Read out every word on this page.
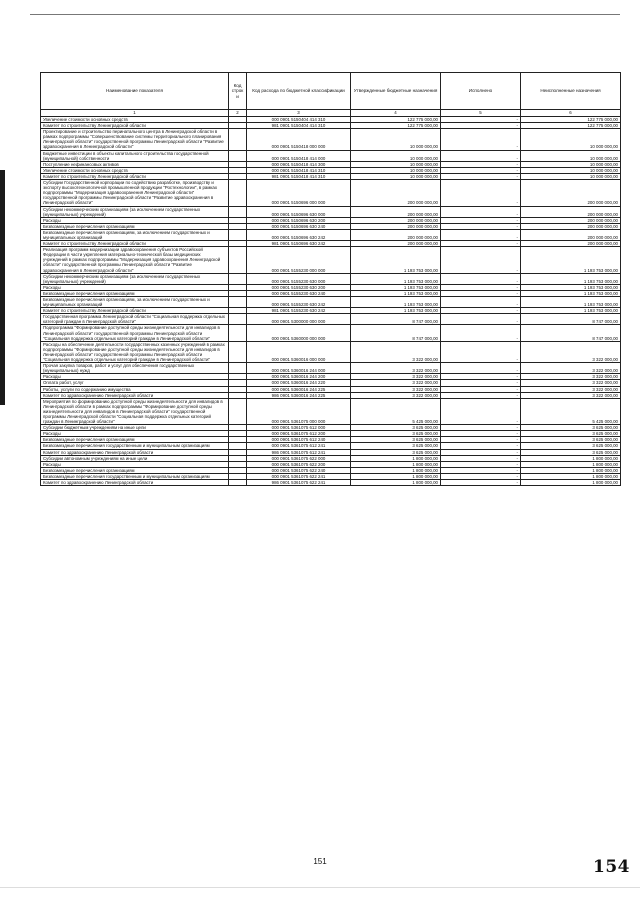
Наименование показателя	Код строки	Код расхода по бюджетной классификации	Утвержденные бюджетные назначения	Исполнено	Неисполненные назначения
1	2	3	4	5	6
Увеличение стоимости основных средств		000 0901 5150404 414 310	122 775 000,00	-	122 775 000,00
Комитет по строительству Ленинградской области		981 0901 5150404 414 310	122 775 000,00	-	122 775 000,00
Проектирование и строительство перинатального центра в Ленинградской области в рамках подпрограммы "Совершенствование системы территориального планирования Ленинградской области" государственной программы Ленинградской области "Развитие здравоохранения в Ленинградской области"		000 0901 5150418 000 000	10 000 000,00	-	10 000 000,00
Бюджетные инвестиции в объекты капитального строительства государственной (муниципальной) собственности		000 0901 5150418 414 000	10 000 000,00	-	10 000 000,00
Поступление нефинансовых активов		000 0901 5150418 414 300	10 000 000,00	-	10 000 000,00
Увеличение стоимости основных средств		000 0901 5150418 414 310	10 000 000,00	-	10 000 000,00
Комитет по строительству Ленинградской области		981 0901 5150418 414 310	10 000 000,00	-	10 000 000,00
Субсидии Государственной корпорации по содействию разработке, производству и экспорту высокотехнологичной промышленной продукции "Ростехнологии", в рамках подпрограммы "Модернизация здравоохранения Ленинградской области" государственной программы Ленинградской области "Развитие здравоохранения в Ленинградской области"		000 0901 5150696 000 000	200 000 000,00	-	200 000 000,00
Субсидии некоммерческим организациям (за исключением государственных (муниципальных) учреждений)		000 0901 5150696 630 000	200 000 000,00	-	200 000 000,00
Расходы		000 0901 5150696 630 200	200 000 000,00	-	200 000 000,00
Безвозмездные перечисления организациям		000 0901 5150696 630 240	200 000 000,00	-	200 000 000,00
Безвозмездные перечисления организациям, за исключением государственных и муниципальных организаций		000 0901 5150696 630 242	200 000 000,00	-	200 000 000,00
Комитет по строительству Ленинградской области		981 0901 5150696 630 242	200 000 000,00	-	200 000 000,00
Реализация программ модернизации здравоохранения субъектов Российской Федерации в части укрепления материально-технической базы медицинских учреждений в рамках подпрограммы "Модернизация здравоохранения Ленинградской области" государственной программы Ленинградской области "Развитие здравоохранения в Ленинградской области"		000 0901 5155230 000 000	1 193 753 000,00	-	1 193 753 000,00
Субсидии некоммерческим организациям (за исключением государственных (муниципальных) учреждений)		000 0901 5155230 630 000	1 193 753 000,00	-	1 193 753 000,00
Расходы		000 0901 5155230 630 200	1 193 753 000,00	-	1 193 753 000,00
Безвозмездные перечисления организациям		000 0901 5155230 630 240	1 193 753 000,00	-	1 193 753 000,00
Безвозмездные перечисления организациям, за исключением государственных и муниципальных организаций		000 0901 5155230 630 242	1 193 753 000,00	-	1 193 753 000,00
Комитет по строительству Ленинградской области		981 0901 5155230 630 242	1 193 753 000,00	-	1 193 753 000,00
Государственная программа Ленинградской области "Социальная поддержка отдельных категорий граждан в Ленинградской области"		000 0901 5300000 000 000	8 747 000,00	-	8 747 000,00
Подпрограмма "Формирование доступной среды жизнедеятельности для инвалидов в Ленинградской области" государственной программы Ленинградской области "Социальная поддержка отдельных категорий граждан в Ленинградской области"		000 0901 5360000 000 000	8 747 000,00	-	8 747 000,00
Расходы на обеспечение деятельности государственных казенных учреждений в рамках подпрограммы "Формирование доступной среды жизнедеятельности для инвалидов в Ленинградской области" государственной программы Ленинградской области "Социальная поддержка отдельных категорий граждан в Ленинградской области"		000 0901 5360016 000 000	3 322 000,00	-	3 322 000,00
Прочая закупка товаров, работ и услуг для обеспечения государственных (муниципальных) нужд		000 0901 5360016 244 000	3 322 000,00	-	3 322 000,00
Расходы		000 0901 5360016 244 200	3 322 000,00	-	3 322 000,00
Оплата работ, услуг		000 0901 5360016 244 220	3 322 000,00	-	3 322 000,00
Работы, услуги по содержанию имущества		000 0901 5360016 244 225	3 322 000,00	-	3 322 000,00
Комитет по здравоохранению Ленинградской области		986 0901 5360016 244 225	3 322 000,00	-	3 322 000,00
Мероприятия по формированию доступной среды жизнедеятельности для инвалидов в Ленинградской области в рамках подпрограммы "Формирование доступной среды жизнедеятельности для инвалидов в Ленинградской области" государственной программы Ленинградской области "Социальная поддержка отдельных категорий граждан в Ленинградской области"		000 0901 5361075 000 000	5 425 000,00	-	5 425 000,00
Субсидии бюджетным учреждениям на иные цели		000 0901 5361075 612 000	3 625 000,00	-	3 625 000,00
Расходы		000 0901 5361075 612 200	3 625 000,00	-	3 625 000,00
Безвозмездные перечисления организациям		000 0901 5361075 612 240	3 625 000,00	-	3 625 000,00
Безвозмездные перечисления государственным и муниципальным организациям		000 0901 5361075 612 241	3 625 000,00	-	3 625 000,00
Комитет по здравоохранению Ленинградской области		986 0901 5361075 612 241	3 625 000,00	-	3 625 000,00
Субсидии автономным учреждениям на иные цели		000 0901 5361075 622 000	1 800 000,00	-	1 800 000,00
Расходы		000 0901 5361075 622 200	1 800 000,00	-	1 800 000,00
Безвозмездные перечисления организациям		000 0901 5361075 622 240	1 800 000,00	-	1 800 000,00
Безвозмездные перечисления государственным и муниципальным организациям		000 0901 5361075 622 241	1 800 000,00	-	1 800 000,00
Комитет по здравоохранению Ленинградской области		986 0901 5361075 622 241	1 800 000,00	-	1 800 000,00
151	154
